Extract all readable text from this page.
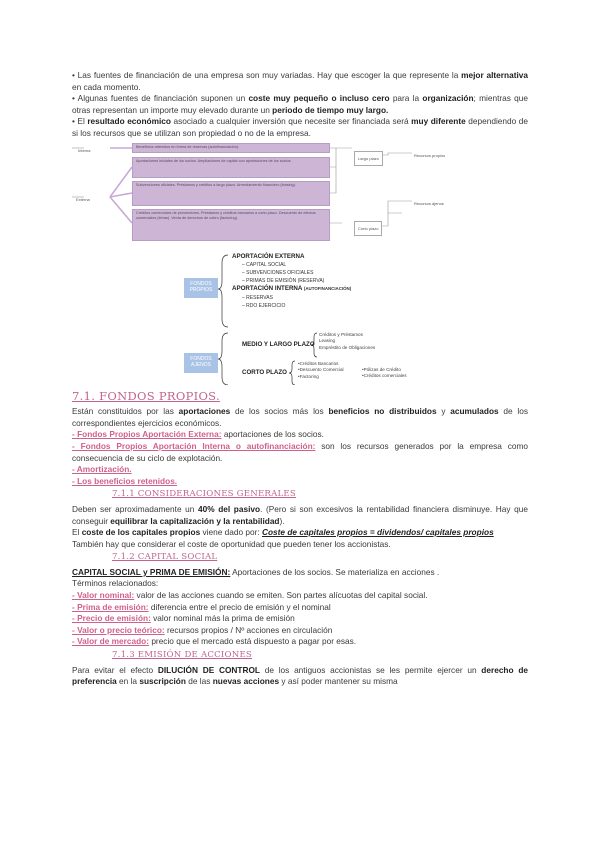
• Las fuentes de financiación de una empresa son muy variadas. Hay que escoger la que represente la mejor alternativa en cada momento.

• Algunas fuentes de financiación suponen un coste muy pequeño o incluso cero para la organización; mientras que otras representan un importe muy elevado durante un periodo de tiempo muy largo.

• El resultado económico asociado a cualquier inversión que necesite ser financiada será muy diferente dependiendo de si los recursos que se utilizan son propiedad o no de la empresa.

Interna
Externa
Beneficios retenidos en forma de reservas (autofinanciación).
Aportaciones iniciales de los socios. Ampliaciones de capital con aportaciones de los socios.
Subvenciones oficiales. Préstamos y créditos a largo plazo. Arrendamiento financiero (leasing).
Créditos comerciales de proveedores. Préstamos y créditos bancarios a corto plazo. Descuento de efectos comerciales (letras). Venta de derechos de cobro (factoring).
Largo plazo
Corto plazo
Recursos propios
Recursos ajenos
FONDOS PROPIOS
FONDOS AJENOS
APORTACIÓN EXTERNA
– CAPITAL SOCIAL
– SUBVENCIONES OFICIALES
– PRIMAS DE EMISIÓN (RESERVA)
APORTACIÓN INTERNA (AUTOFINANCIACIÓN)
– RESERVAS
– RDO EJERCICIO
MEDIO Y LARGO PLAZO
Créditos y Préstamos
Leasing
Empréstito de Obligaciones
CORTO PLAZO
•Créditos Bancarios
•Descuento Comercial
•Factoring
•Pólizas de Crédito
•Créditos comerciales
7.1. FONDOS PROPIOS.

Están constituidos por las aportaciones de los socios más los beneficios no distribuidos y acumulados de los correspondientes ejercicios económicos.

- Fondos Propios Aportación Externa: aportaciones de los socios.

- Fondos Propios Aportación Interna o autofinanciación: son los recursos generados por la empresa como consecuencia de su ciclo de explotación.

- Amortización.

- Los beneficios retenidos.

7.1.1 CONSIDERACIONES GENERALES

Deben ser aproximadamente un 40% del pasivo. (Pero si son excesivos la rentabilidad financiera disminuye. Hay que conseguir equilibrar la capitalización y la rentabilidad).

El coste de los capitales propios viene dado por: Coste de capitales propios = dividendos/ capitales propios

También hay que considerar el coste de oportunidad que pueden tener los accionistas.

7.1.2 CAPITAL SOCIAL

CAPITAL SOCIAL y PRIMA DE EMISIÓN: Aportaciones de los socios. Se materializa en acciones .

Términos relacionados:

- Valor nominal: valor de las acciones cuando se emiten. Son partes alícuotas del capital social.

- Prima de emisión: diferencia entre el precio de emisión y el nominal

- Precio de emisión: valor nominal más la prima de emisión

- Valor o precio teórico: recursos propios / Nº acciones en circulación

- Valor de mercado: precio que el mercado está dispuesto a pagar por esas.

7.1.3 EMISIÓN DE ACCIONES

Para evitar el efecto DILUCIÓN DE CONTROL de los antiguos accionistas se les permite ejercer un derecho de preferencia en la suscripción de las nuevas acciones y así poder mantener su misma
